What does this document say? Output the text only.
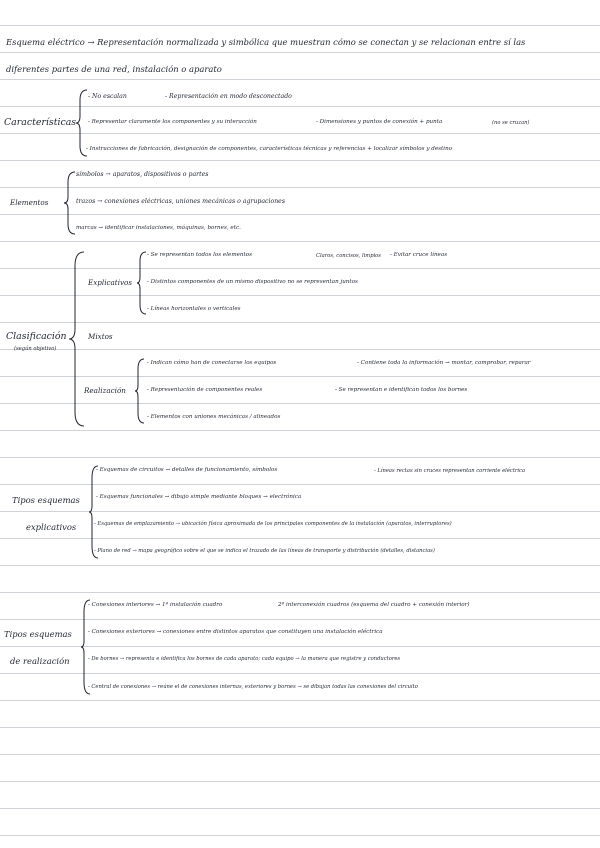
Esquema eléctrico → Representación normalizada y simbólica que muestran cómo se conectan y se relacionan entre sí las
diferentes partes de una red, instalación o aparato
Características
- No escalan	- Representación en modo desconectado
- Representar claramente los componentes y su interacción	- Dimensiones y puntos de conexión + punta	(no se cruzan)
- Instrucciones de fabricación, designación de componentes, características técnicas y referencias + localizar símbolos y destino
Elementos
símbolos → aparatos, dispositivos o partes
trazos → conexiones eléctricas, uniones mecánicas o agrupaciones
marcas → identificar instalaciones, máquinas, bornes, etc.
Clasificación
(según objetivo)
Explicativos
- Se representan todos los elementos	Claros, concisos, limpios - Evitar cruce líneas
- Distintos componentes de un mismo dispositivo no se representan juntos
- Líneas horizontales o verticales
Mixtos
Realización
- Indican cómo han de conectarse los equipos	- Contiene toda la información → montar, comprobar, reparar
- Representación de componentes reales	- Se representan e identifican todos los bornes
- Elementos con uniones mecánicas / alineados
Tipos esquemas
explicativos
- Esquemas de circuitos → detalles de funcionamiento, símbolos	- Líneas rectas sin cruces representan corriente eléctrica
- Esquemas funcionales → dibujo simple mediante bloques → electrónica
- Esquemas de emplazamiento → ubicación física aproximada de los principales componentes de la instalación (aparatos, interruptores)
- Plano de red → mapa geográfico sobre el que se indica el trazado de las líneas de transporte y distribución (detalles, distancias)
Tipos esquemas
de realización
- Conexiones interiores → 1ª instalación cuadro	2ª interconexión cuadros (esquema del cuadro + conexión interior)
- Conexiones exteriores → conexiones entre distintos aparatos que constituyen una instalación eléctrica
- De bornes → representa e identifica los bornes de cada aparato; cada equipo → la manera que registre y conductores
- Central de conexiones → reúne el de conexiones internas, exteriores y bornes → se dibujan todas las conexiones del circuito
